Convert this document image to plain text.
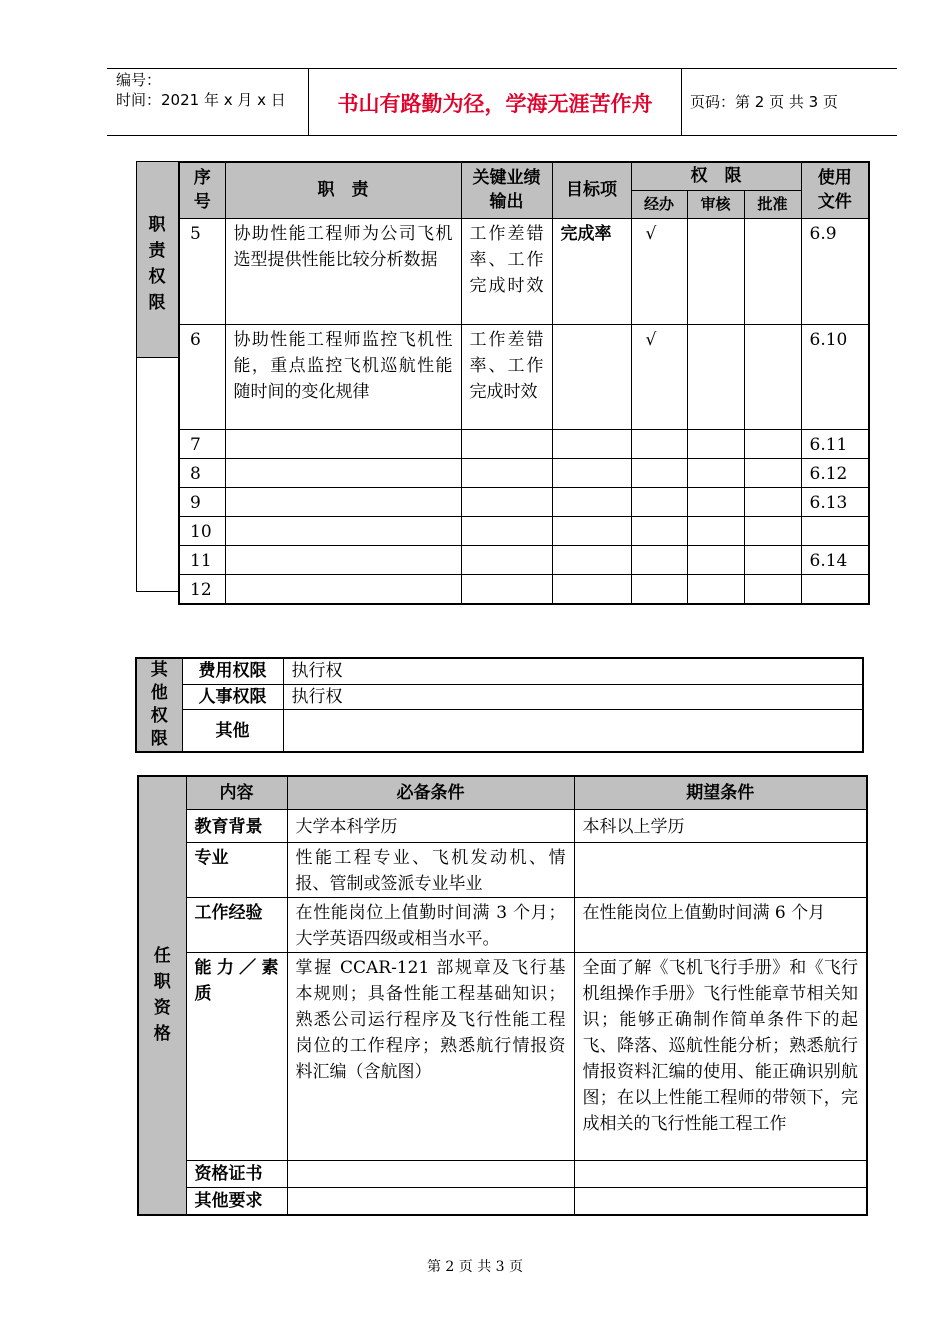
编号：
时间：2021 年 x 月 x 日	书山有路勤为径，学海无涯苦作舟	页码：第 2 页 共 3 页
职
责
权
限
序号	职　责	关键业绩输出	目标项	权　限			使用文件
				经办	审核	批准	
5	协助性能工程师为公司飞机选型提供性能比较分析数据	工作差错率、工作完成时效	完成率	√			6.9
6	协助性能工程师监控飞机性能，重点监控飞机巡航性能随时间的变化规律	工作差错率、工作完成时效		√			6.10
7							6.11
8							6.12
9							6.13
10							
11							6.14
12							
其
他
权
限	费用权限	执行权
	人事权限	执行权
	其他	
任
职
资
格	内容	必备条件	期望条件
	教育背景	大学本科学历	本科以上学历
	专业	性能工程专业、飞机发动机、情报、管制或签派专业毕业	
	工作经验	在性能岗位上值勤时间满 3 个月；大学英语四级或相当水平。	在性能岗位上值勤时间满 6 个月
	能力／素质	掌握 CCAR-121 部规章及飞行基本规则；具备性能工程基础知识；熟悉公司运行程序及飞行性能工程岗位的工作程序；熟悉航行情报资料汇编（含航图）	全面了解《飞机飞行手册》和《飞行机组操作手册》飞行性能章节相关知识；能够正确制作简单条件下的起飞、降落、巡航性能分析；熟悉航行情报资料汇编的使用、能正确识别航图；在以上性能工程师的带领下，完成相关的飞行性能工程工作
	资格证书		
	其他要求		
第 2 页 共 3 页
